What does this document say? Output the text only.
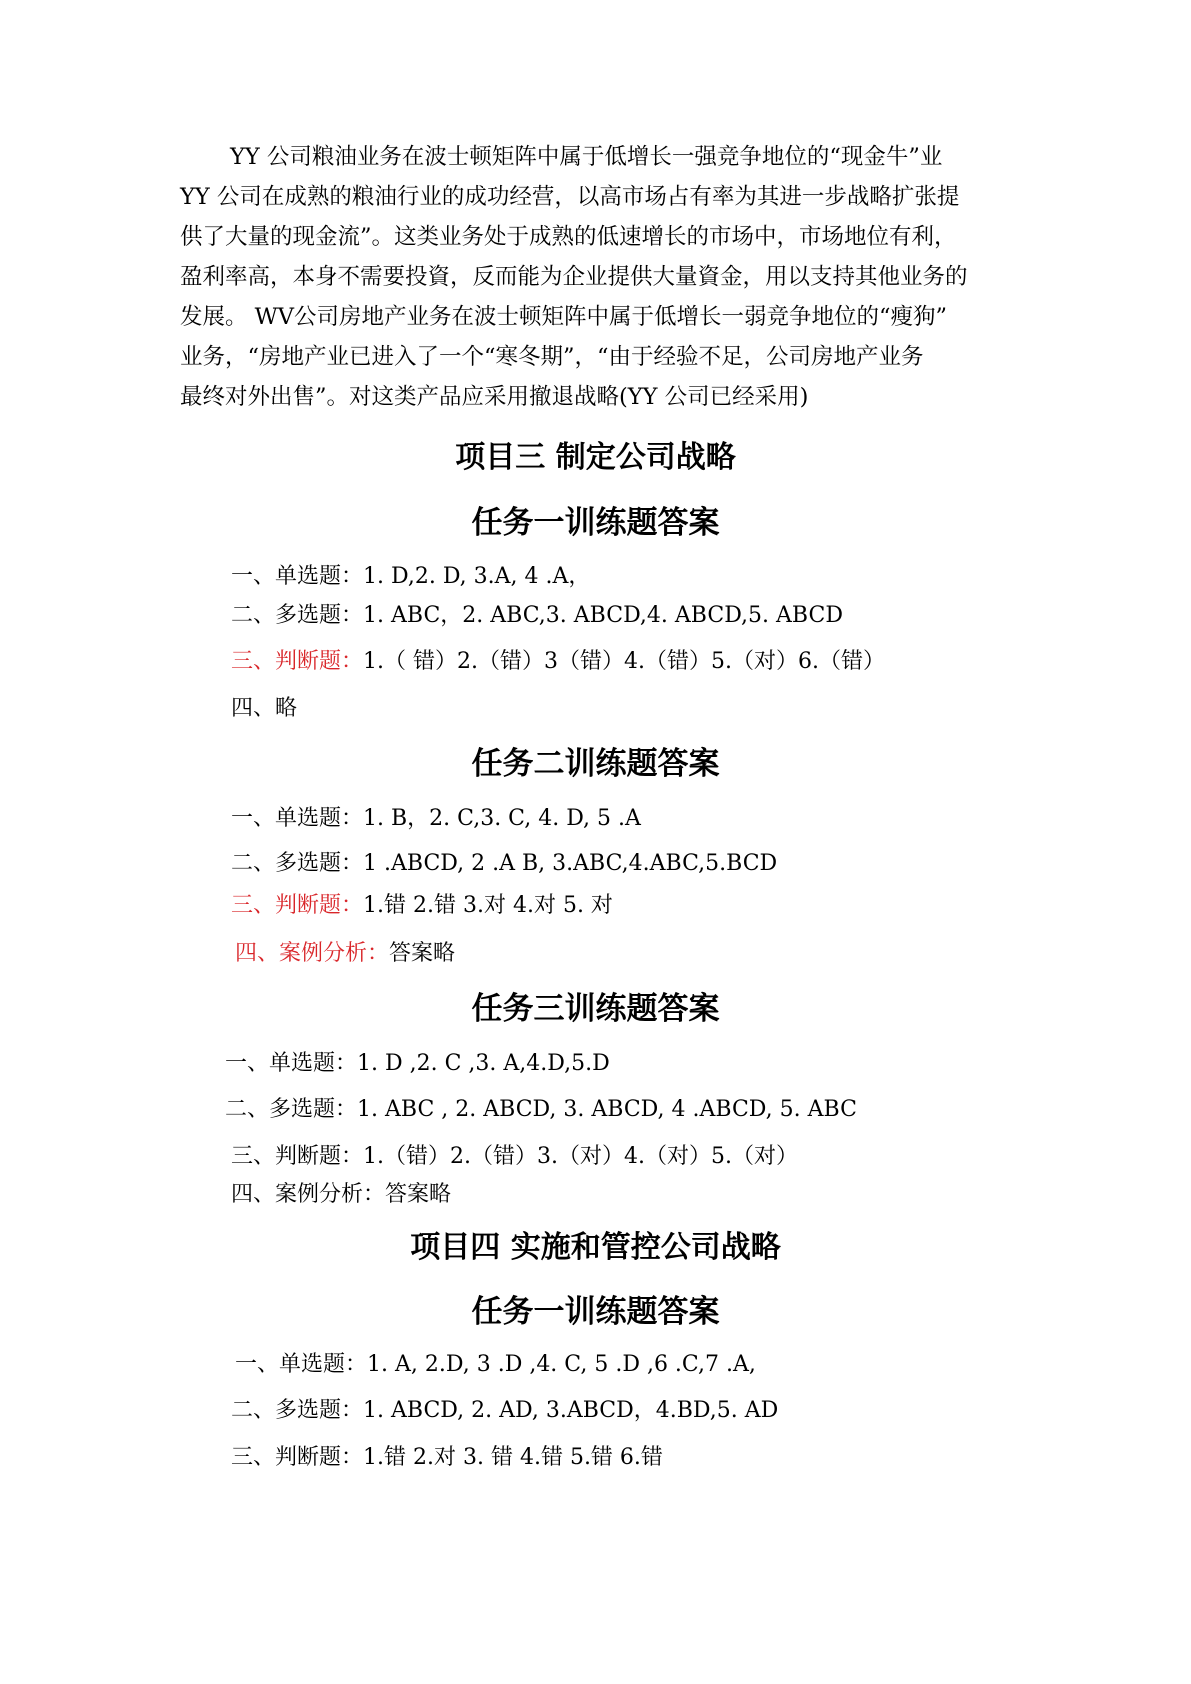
YY 公司粮油业务在波士顿矩阵中属于低增长一强竞争地位的“现金牛”业
YY 公司在成熟的粮油行业的成功经营，以高市场占有率为其进一步战略扩张提
供了大量的现金流”。这类业务处于成熟的低速增长的市场中，市场地位有利，
盈利率高，本身不需要投資，反而能为企业提供大量資金，用以支持其他业务的
发展。 WV公司房地产业务在波士顿矩阵中属于低增长一弱竞争地位的“瘦狗”
业务，“房地产业已进入了一个“寒冬期”，“由于经验不足，公司房地产业务
最终对外出售”。对这类产品应采用撤退战略(YY 公司已经采用)
项目三 制定公司战略
任务一训练题答案

一、单选题：1. D,2. D, 3.A, 4 .A，

二、多选题：1. ABC，2. ABC,3. ABCD,4. ABCD,5. ABCD

三、判断题：1.（ 错）2.（错）3（错）4.（错）5.（对）6.（错）

四、略

任务二训练题答案

一、单选题：1. B，2. C,3. C, 4. D, 5 .A

二、多选题：1 .ABCD, 2 .A B, 3.ABC,4.ABC,5.BCD

三、判断题：1.错 2.错 3.对 4.对 5. 对

四、案例分析：答案略

任务三训练题答案

一、单选题：1. D ,2. C ,3. A,4.D,5.D

二、多选题：1. ABC , 2. ABCD, 3. ABCD, 4 .ABCD, 5. ABC

三、判断题：1.（错）2.（错）3.（对）4.（对）5.（对）

四、案例分析：答案略

项目四 实施和管控公司战略
任务一训练题答案

一、单选题：1. A, 2.D, 3 .D ,4. C, 5 .D ,6 .C,7 .A,

二、多选题：1. ABCD, 2. AD, 3.ABCD，4.BD,5. AD

三、判断题：1.错 2.对 3. 错 4.错 5.错 6.错
